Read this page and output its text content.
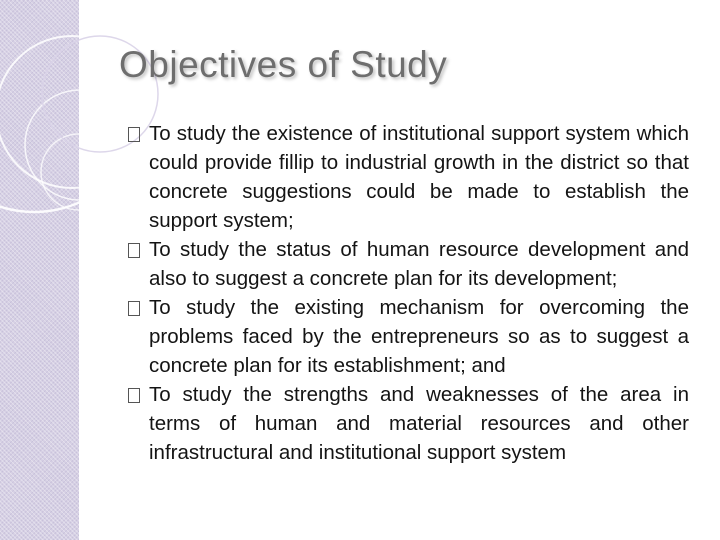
Objectives of Study
To study the existence of institutional support system which could provide fillip to industrial growth in the district so that concrete suggestions could be made to establish the support system;
To study the status of human resource development and also to suggest a concrete plan for its development;
To study the existing mechanism for overcoming the problems faced by the entrepreneurs so as to suggest a concrete plan for its establishment; and
To study the strengths and weaknesses of the area in terms of human and material resources and other infrastructural and institutional support system
